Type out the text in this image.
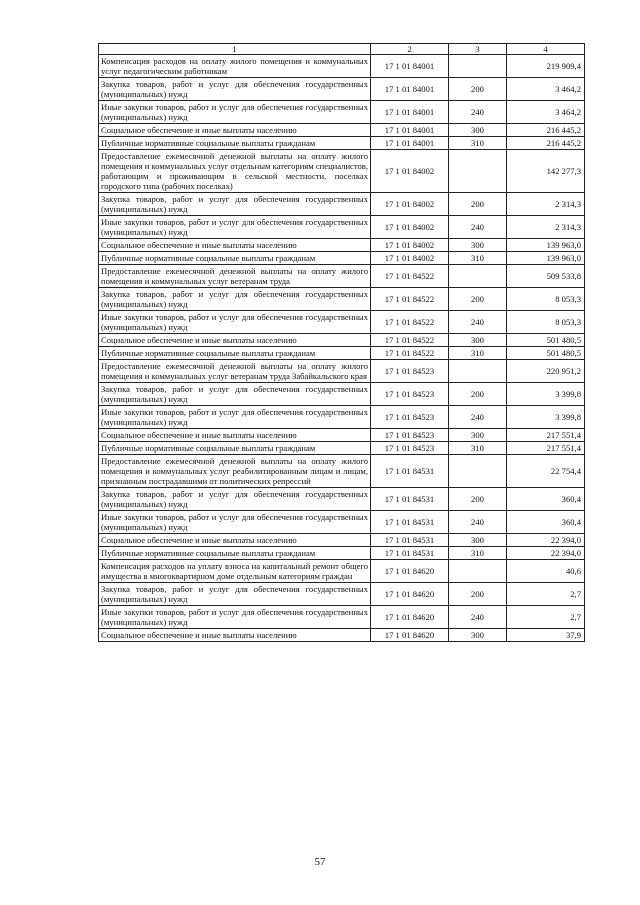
1	2	3	4
Компенсация расходов на оплату жилого помещения и коммунальных услуг педагогическим работникам	17 1 01 84001		219 909,4
Закупка товаров, работ и услуг для обеспечения государственных (муниципальных) нужд	17 1 01 84001	200	3 464,2
Иные закупки товаров, работ и услуг для обеспечения государственных (муниципальных) нужд	17 1 01 84001	240	3 464,2
Социальное обеспечение и иные выплаты населению	17 1 01 84001	300	216 445,2
Публичные нормативные социальные выплаты гражданам	17 1 01 84001	310	216 445,2
Предоставление ежемесячной денежной выплаты на оплату жилого помещения и коммунальных услуг отдельным категориям специалистов, работающим и проживающим в сельской местности, поселках городского типа (рабочих поселках)	17 1 01 84002		142 277,3
Закупка товаров, работ и услуг для обеспечения государственных (муниципальных) нужд	17 1 01 84002	200	2 314,3
Иные закупки товаров, работ и услуг для обеспечения государственных (муниципальных) нужд	17 1 01 84002	240	2 314,3
Социальное обеспечение и иные выплаты населению	17 1 01 84002	300	139 963,0
Публичные нормативные социальные выплаты гражданам	17 1 01 84002	310	139 963,0
Предоставление ежемесячной денежной выплаты на оплату жилого помещения и коммунальных услуг ветеранам труда	17 1 01 84522		509 533,8
Закупка товаров, работ и услуг для обеспечения государственных (муниципальных) нужд	17 1 01 84522	200	8 053,3
Иные закупки товаров, работ и услуг для обеспечения государственных (муниципальных) нужд	17 1 01 84522	240	8 053,3
Социальное обеспечение и иные выплаты населению	17 1 01 84522	300	501 480,5
Публичные нормативные социальные выплаты гражданам	17 1 01 84522	310	501 480,5
Предоставление ежемесячной денежной выплаты на оплату жилого помещения и коммунальных услуг ветеранам труда Забайкальского края	17 1 01 84523		220 951,2
Закупка товаров, работ и услуг для обеспечения государственных (муниципальных) нужд	17 1 01 84523	200	3 399,8
Иные закупки товаров, работ и услуг для обеспечения государственных (муниципальных) нужд	17 1 01 84523	240	3 399,8
Социальное обеспечение и иные выплаты населению	17 1 01 84523	300	217 551,4
Публичные нормативные социальные выплаты гражданам	17 1 01 84523	310	217 551,4
Предоставление ежемесячной денежной выплаты на оплату жилого помещения и коммунальных услуг реабилитированным лицам и лицам, признанным пострадавшими от политических репрессий	17 1 01 84531		22 754,4
Закупка товаров, работ и услуг для обеспечения государственных (муниципальных) нужд	17 1 01 84531	200	360,4
Иные закупки товаров, работ и услуг для обеспечения государственных (муниципальных) нужд	17 1 01 84531	240	360,4
Социальное обеспечение и иные выплаты населению	17 1 01 84531	300	22 394,0
Публичные нормативные социальные выплаты гражданам	17 1 01 84531	310	22 394,0
Компенсация расходов на уплату взноса на капитальный ремонт общего имущества в многоквартирном доме отдельным категориям граждан	17 1 01 84620		40,6
Закупка товаров, работ и услуг для обеспечения государственных (муниципальных) нужд	17 1 01 84620	200	2,7
Иные закупки товаров, работ и услуг для обеспечения государственных (муниципальных) нужд	17 1 01 84620	240	2,7
Социальное обеспечение и иные выплаты населению	17 1 01 84620	300	37,9
57
